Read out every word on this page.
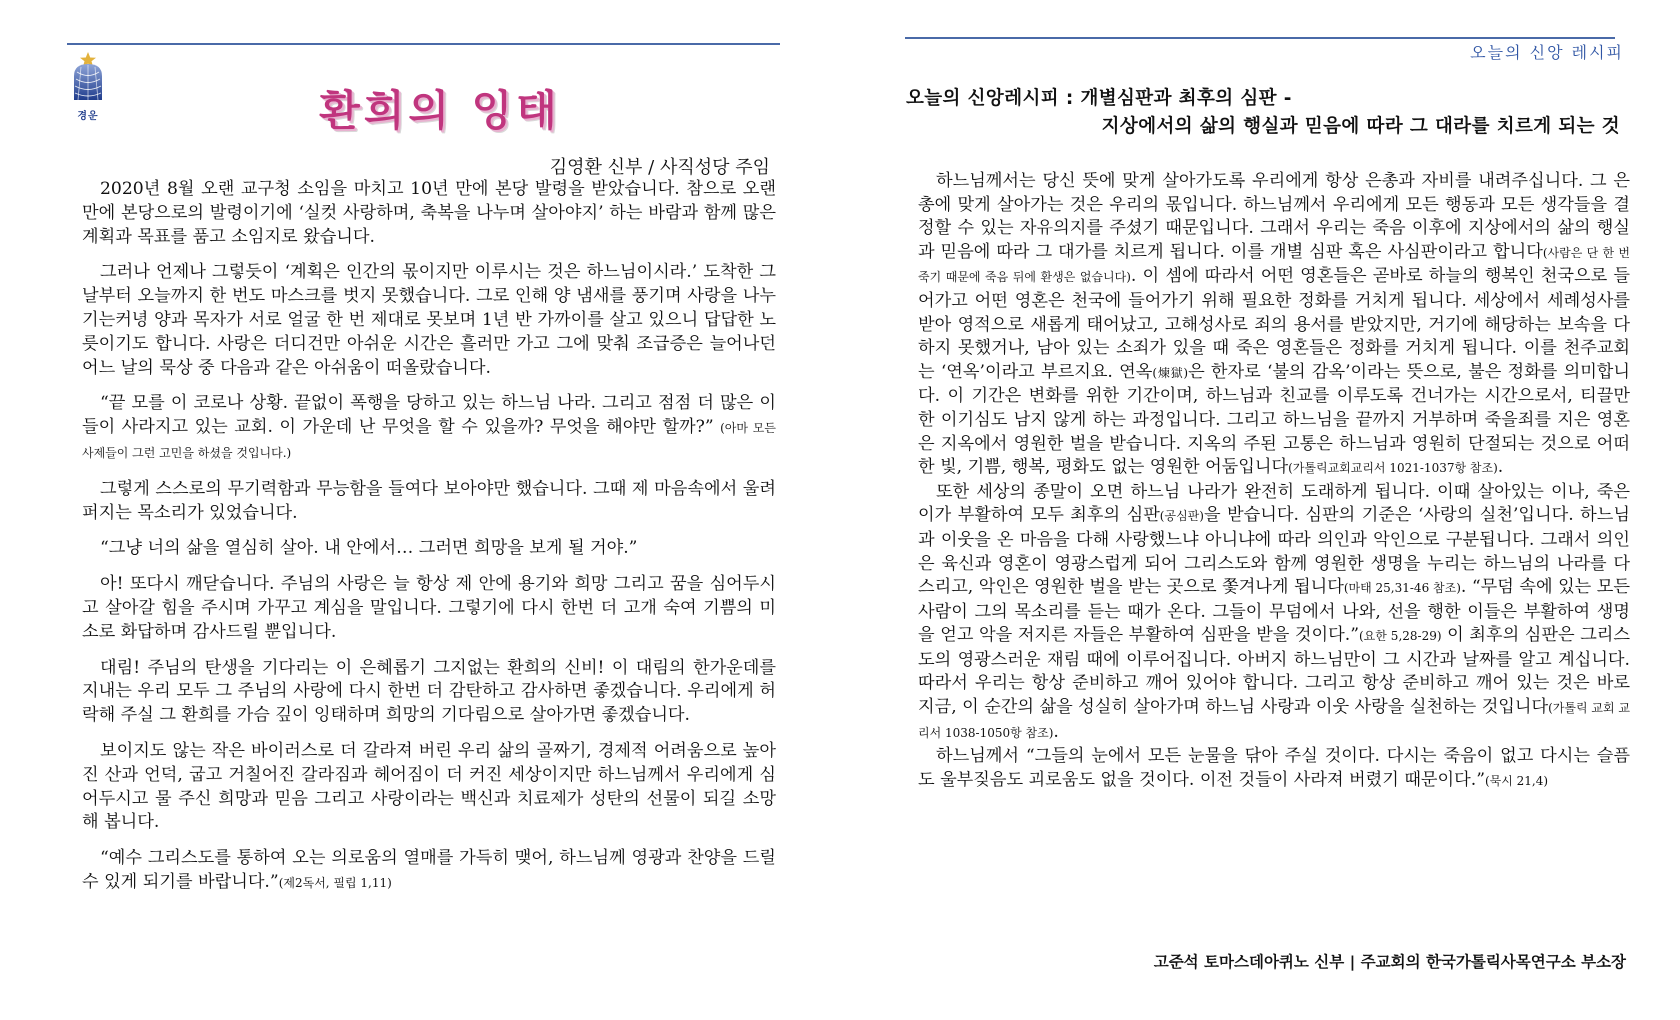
경운	환희의 잉태
김영환 신부 / 사직성당 주임

2020년 8월 오랜 교구청 소임을 마치고 10년 만에 본당 발령을 받았습니다. 참으로 오랜만에 본당으로의 발령이기에 ‘실컷 사랑하며, 축복을 나누며 살아야지’ 하는 바람과 함께 많은 계획과 목표를 품고 소임지로 왔습니다.

그러나 언제나 그렇듯이 ‘계획은 인간의 몫이지만 이루시는 것은 하느님이시라.’ 도착한 그날부터 오늘까지 한 번도 마스크를 벗지 못했습니다. 그로 인해 양 냄새를 풍기며 사랑을 나누기는커녕 양과 목자가 서로 얼굴 한 번 제대로 못보며 1년 반 가까이를 살고 있으니 답답한 노릇이기도 합니다. 사랑은 더디건만 아쉬운 시간은 흘러만 가고 그에 맞춰 조급증은 늘어나던 어느 날의 묵상 중 다음과 같은 아쉬움이 떠올랐습니다.

“끝 모를 이 코로나 상황. 끝없이 폭행을 당하고 있는 하느님 나라. 그리고 점점 더 많은 이들이 사라지고 있는 교회. 이 가운데 난 무엇을 할 수 있을까? 무엇을 해야만 할까?” (아마 모든 사제들이 그런 고민을 하셨을 것입니다.)

그렇게 스스로의 무기력함과 무능함을 들여다 보아야만 했습니다. 그때 제 마음속에서 울려 퍼지는 목소리가 있었습니다.

“그냥 너의 삶을 열심히 살아. 내 안에서… 그러면 희망을 보게 될 거야.”

아! 또다시 깨닫습니다. 주님의 사랑은 늘 항상 제 안에 용기와 희망 그리고 꿈을 심어두시고 살아갈 힘을 주시며 가꾸고 계심을 말입니다. 그렇기에 다시 한번 더 고개 숙여 기쁨의 미소로 화답하며 감사드릴 뿐입니다.

대림! 주님의 탄생을 기다리는 이 은혜롭기 그지없는 환희의 신비! 이 대림의 한가운데를 지내는 우리 모두 그 주님의 사랑에 다시 한번 더 감탄하고 감사하면 좋겠습니다. 우리에게 허락해 주실 그 환희를 가슴 깊이 잉태하며 희망의 기다림으로 살아가면 좋겠습니다.

보이지도 않는 작은 바이러스로 더 갈라져 버린 우리 삶의 골짜기, 경제적 어려움으로 높아진 산과 언덕, 굽고 거칠어진 갈라짐과 헤어짐이 더 커진 세상이지만 하느님께서 우리에게 심어두시고 물 주신 희망과 믿음 그리고 사랑이라는 백신과 치료제가 성탄의 선물이 되길 소망해 봅니다.

“예수 그리스도를 통하여 오는 의로움의 열매를 가득히 맺어, 하느님께 영광과 찬양을 드릴 수 있게 되기를 바랍니다.”(제2독서, 필립 1,11)

오늘의 신앙 레시피
오늘의 신앙레시피 : 개별심판과 최후의 심판 -
지상에서의 삶의 행실과 믿음에 따라 그 대라를 치르게 되는 것

하느님께서는 당신 뜻에 맞게 살아가도록 우리에게 항상 은총과 자비를 내려주십니다. 그 은총에 맞게 살아가는 것은 우리의 몫입니다. 하느님께서 우리에게 모든 행동과 모든 생각들을 결정할 수 있는 자유의지를 주셨기 때문입니다. 그래서 우리는 죽음 이후에 지상에서의 삶의 행실과 믿음에 따라 그 대가를 치르게 됩니다. 이를 개별 심판 혹은 사심판이라고 합니다(사람은 단 한 번 죽기 때문에 죽음 뒤에 환생은 없습니다). 이 셈에 따라서 어떤 영혼들은 곧바로 하늘의 행복인 천국으로 들어가고 어떤 영혼은 천국에 들어가기 위해 필요한 정화를 거치게 됩니다. 세상에서 세례성사를 받아 영적으로 새롭게 태어났고, 고해성사로 죄의 용서를 받았지만, 거기에 해당하는 보속을 다하지 못했거나, 남아 있는 소죄가 있을 때 죽은 영혼들은 정화를 거치게 됩니다. 이를 천주교회는 ‘연옥’이라고 부르지요. 연옥(煉獄)은 한자로 ‘불의 감옥’이라는 뜻으로, 불은 정화를 의미합니다. 이 기간은 변화를 위한 기간이며, 하느님과 친교를 이루도록 건너가는 시간으로서, 티끌만 한 이기심도 남지 않게 하는 과정입니다. 그리고 하느님을 끝까지 거부하며 죽을죄를 지은 영혼은 지옥에서 영원한 벌을 받습니다. 지옥의 주된 고통은 하느님과 영원히 단절되는 것으로 어떠한 빛, 기쁨, 행복, 평화도 없는 영원한 어둠입니다(가톨릭교회교리서 1021-1037항 참조).

또한 세상의 종말이 오면 하느님 나라가 완전히 도래하게 됩니다. 이때 살아있는 이나, 죽은 이가 부활하여 모두 최후의 심판(공심판)을 받습니다. 심판의 기준은 ‘사랑의 실천’입니다. 하느님과 이웃을 온 마음을 다해 사랑했느냐 아니냐에 따라 의인과 악인으로 구분됩니다. 그래서 의인은 육신과 영혼이 영광스럽게 되어 그리스도와 함께 영원한 생명을 누리는 하느님의 나라를 다스리고, 악인은 영원한 벌을 받는 곳으로 쫓겨나게 됩니다(마태 25,31-46 참조). “무덤 속에 있는 모든 사람이 그의 목소리를 듣는 때가 온다. 그들이 무덤에서 나와, 선을 행한 이들은 부활하여 생명을 얻고 악을 저지른 자들은 부활하여 심판을 받을 것이다.”(요한 5,28-29) 이 최후의 심판은 그리스도의 영광스러운 재림 때에 이루어집니다. 아버지 하느님만이 그 시간과 날짜를 알고 계십니다. 따라서 우리는 항상 준비하고 깨어 있어야 합니다. 그리고 항상 준비하고 깨어 있는 것은 바로 지금, 이 순간의 삶을 성실히 살아가며 하느님 사랑과 이웃 사랑을 실천하는 것입니다(가톨릭 교회 교리서 1038-1050항 참조).

하느님께서 “그들의 눈에서 모든 눈물을 닦아 주실 것이다. 다시는 죽음이 없고 다시는 슬픔도 울부짖음도 괴로움도 없을 것이다. 이전 것들이 사라져 버렸기 때문이다.”(묵시 21,4)

고준석 토마스데아퀴노 신부 | 주교회의 한국가톨릭사목연구소 부소장
